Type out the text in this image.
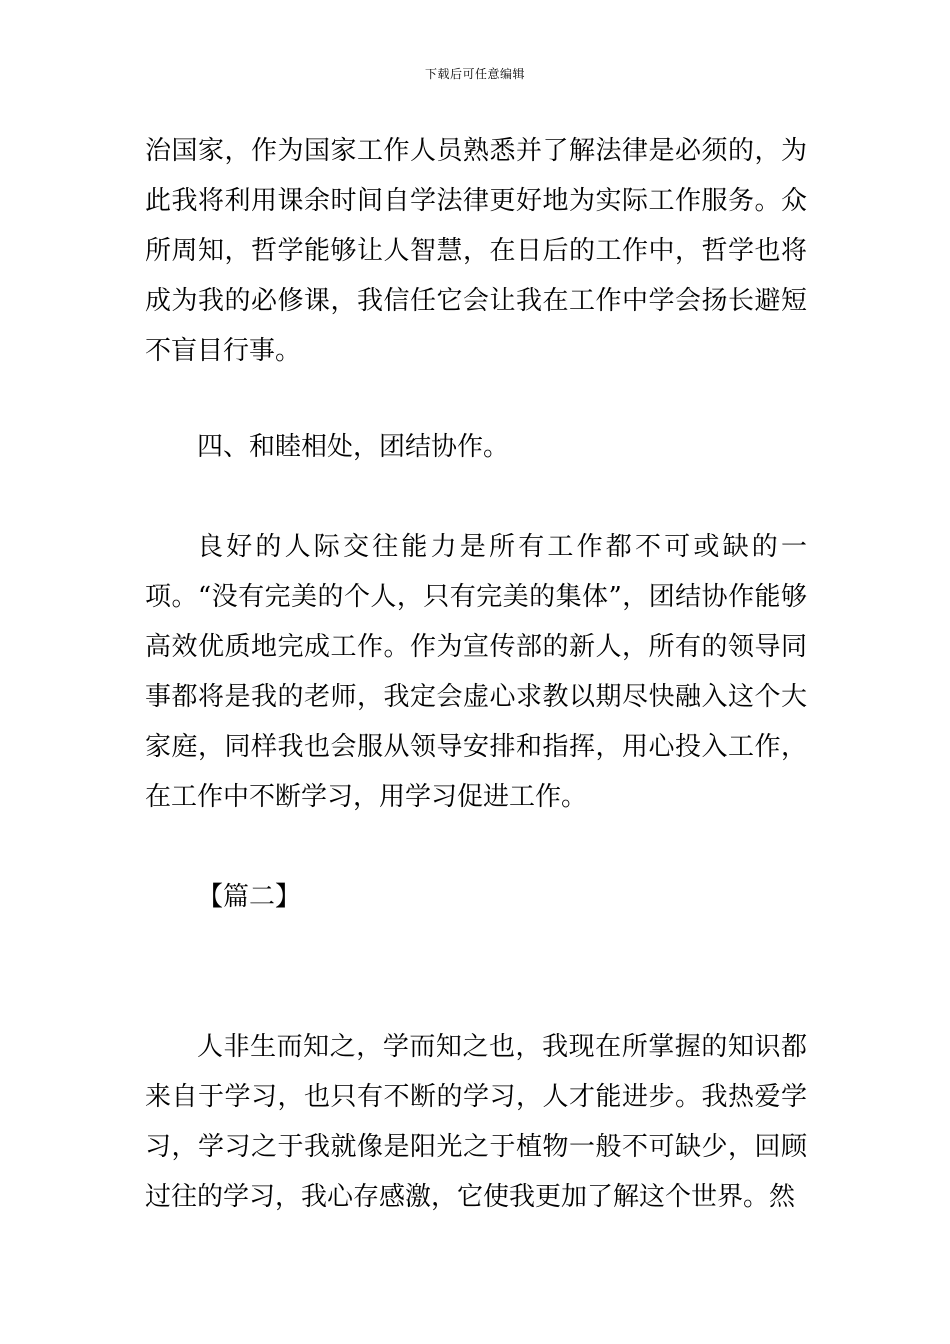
下载后可任意编辑

治国家，作为国家工作人员熟悉并了解法律是必须的，为此我将利用课余时间自学法律更好地为实际工作服务。众所周知，哲学能够让人智慧，在日后的工作中，哲学也将成为我的必修课，我信任它会让我在工作中学会扬长避短不盲目行事。

四、和睦相处，团结协作。

良好的人际交往能力是所有工作都不可或缺的一项。“没有完美的个人，只有完美的集体”，团结协作能够高效优质地完成工作。作为宣传部的新人，所有的领导同事都将是我的老师，我定会虚心求教以期尽快融入这个大家庭，同样我也会服从领导安排和指挥，用心投入工作，在工作中不断学习，用学习促进工作。

【篇二】

人非生而知之，学而知之也，我现在所掌握的知识都来自于学习，也只有不断的学习，人才能进步。我热爱学习，学习之于我就像是阳光之于植物一般不可缺少，回顾过往的学习，我心存感激，它使我更加了解这个世界。然
